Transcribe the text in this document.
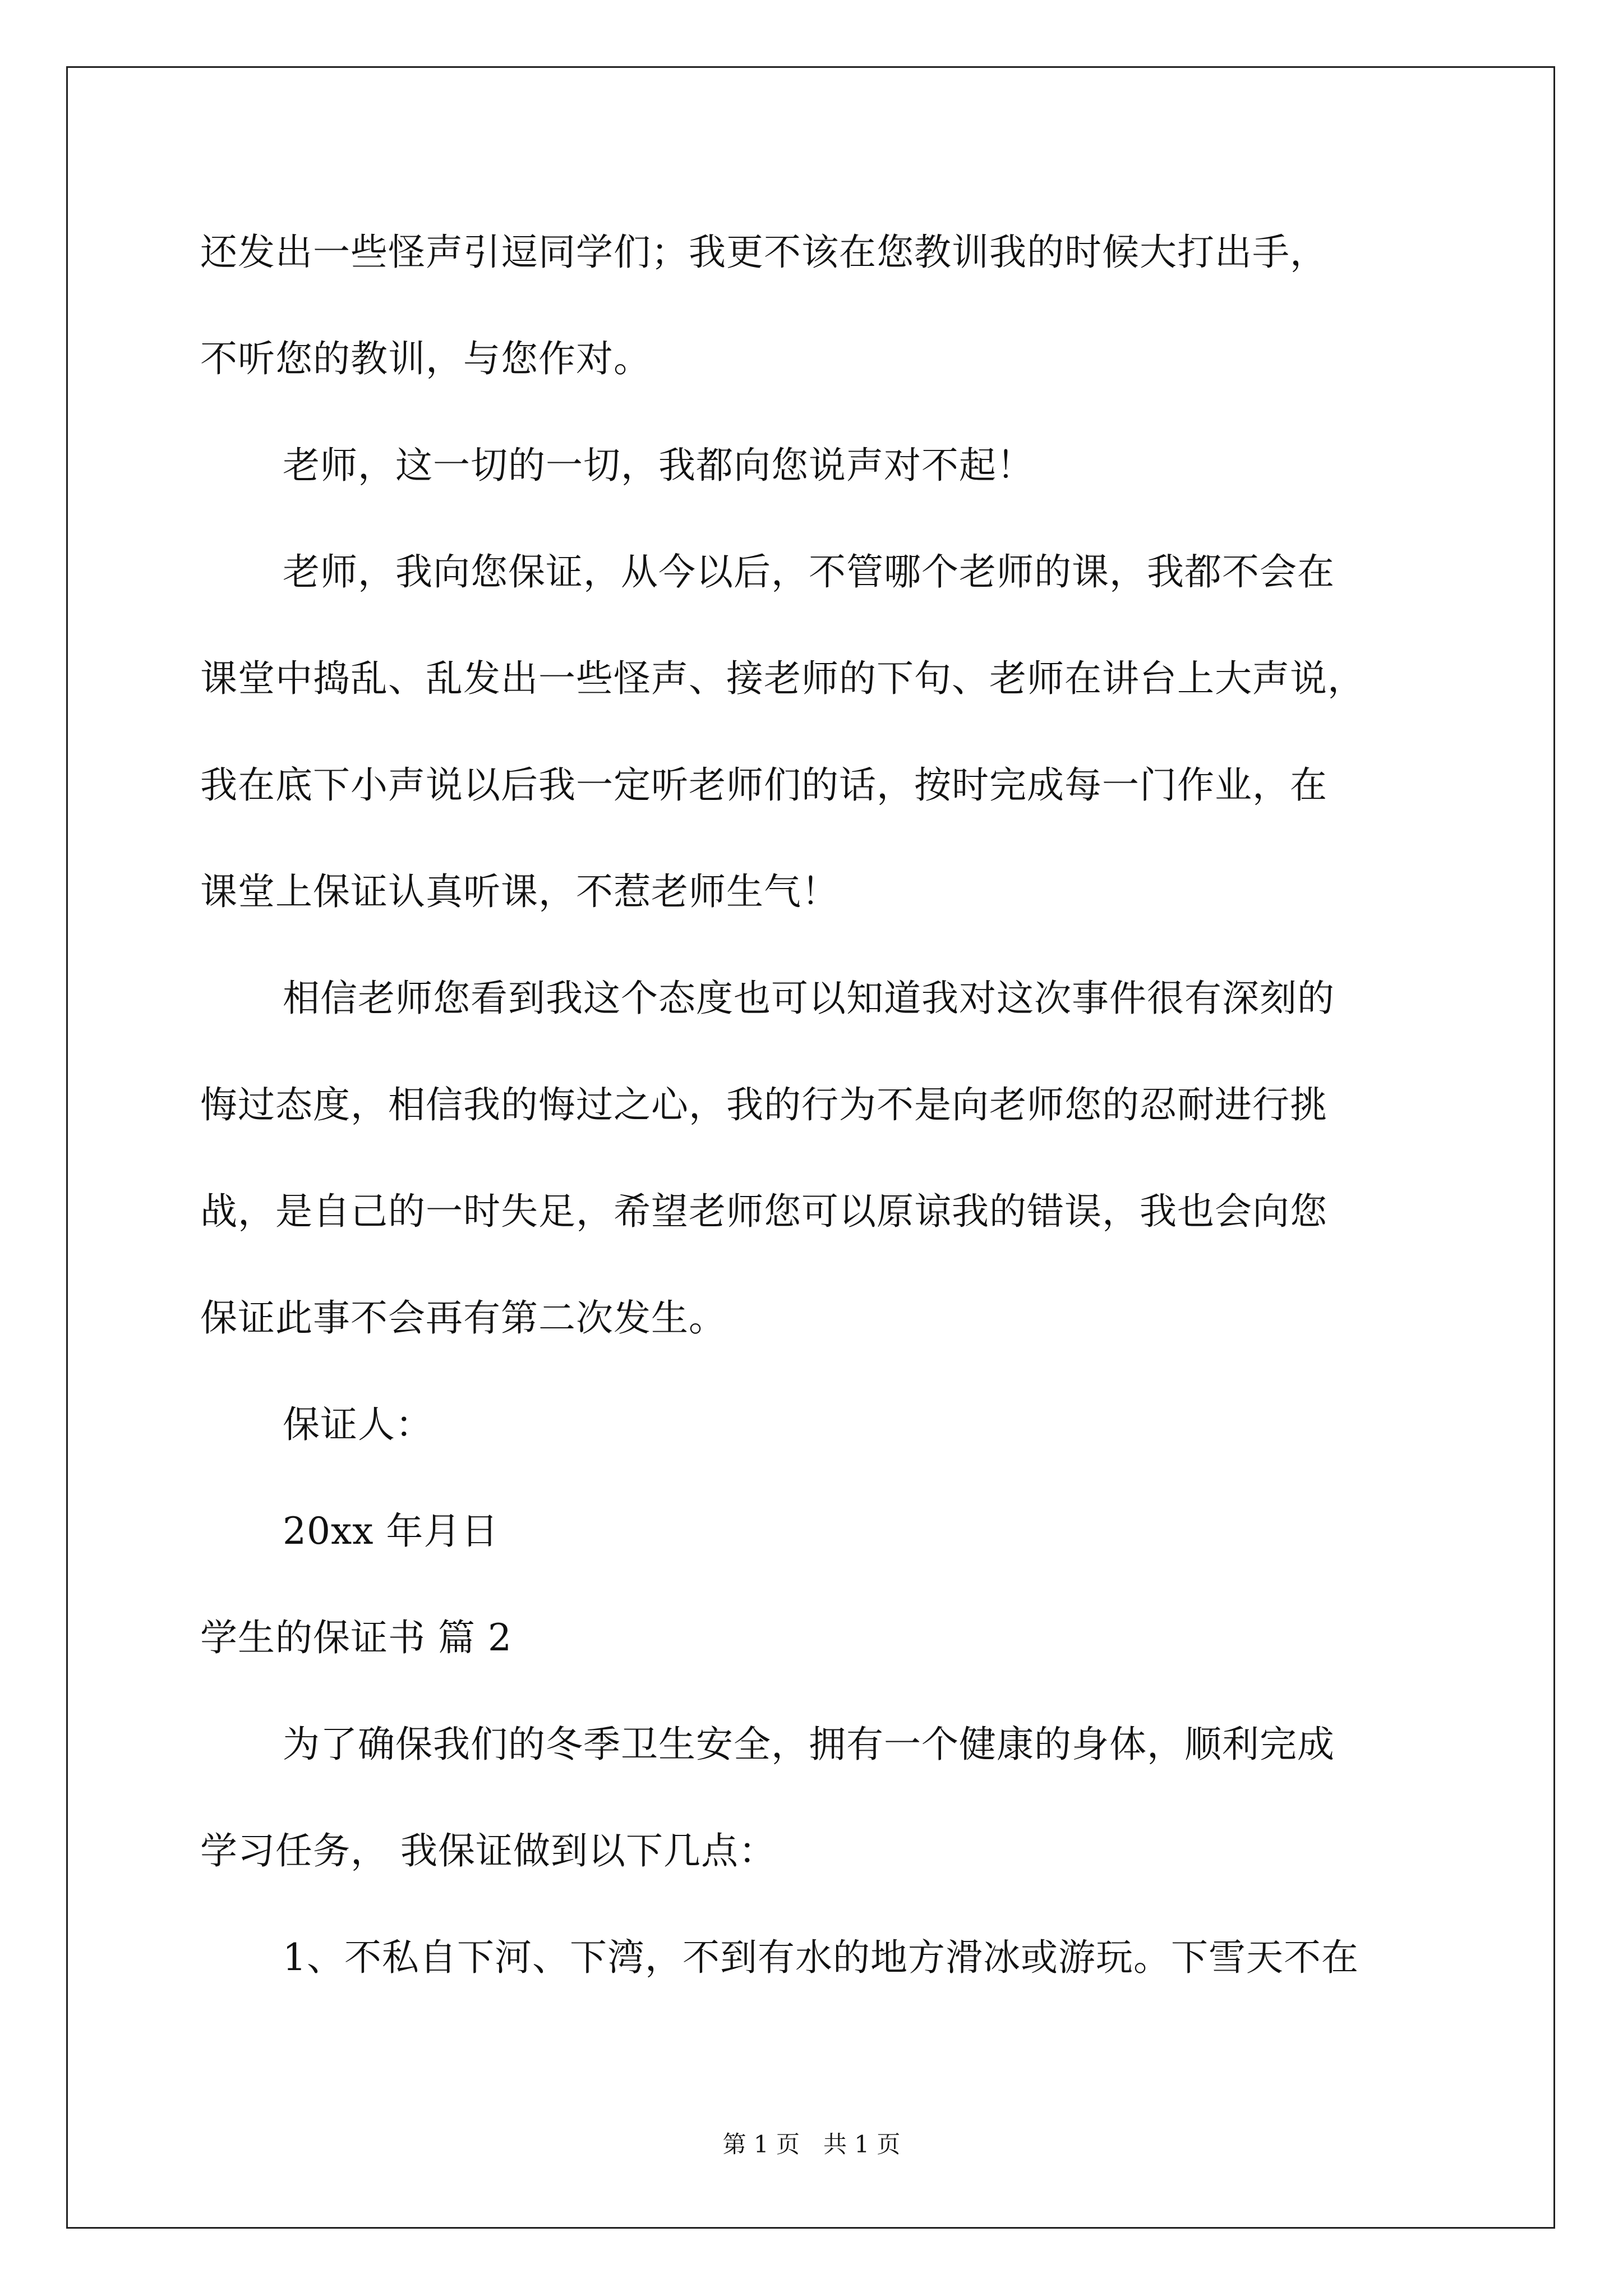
还发出一些怪声引逗同学们；我更不该在您教训我的时候大打出手，
不听您的教训，与您作对。
老师，这一切的一切，我都向您说声对不起！
老师，我向您保证，从今以后，不管哪个老师的课，我都不会在
课堂中捣乱、乱发出一些怪声、接老师的下句、老师在讲台上大声说，
我在底下小声说以后我一定听老师们的话，按时完成每一门作业，在
课堂上保证认真听课，不惹老师生气！
相信老师您看到我这个态度也可以知道我对这次事件很有深刻的
悔过态度，相信我的悔过之心，我的行为不是向老师您的忍耐进行挑
战，是自己的一时失足，希望老师您可以原谅我的错误，我也会向您
保证此事不会再有第二次发生。
保证人：
20xx 年月日
学生的保证书 篇 2
为了确保我们的冬季卫生安全，拥有一个健康的身体，顺利完成
学习任务， 我保证做到以下几点：
1、不私自下河、下湾，不到有水的地方滑冰或游玩。下雪天不在
第 1 页　共 1 页
